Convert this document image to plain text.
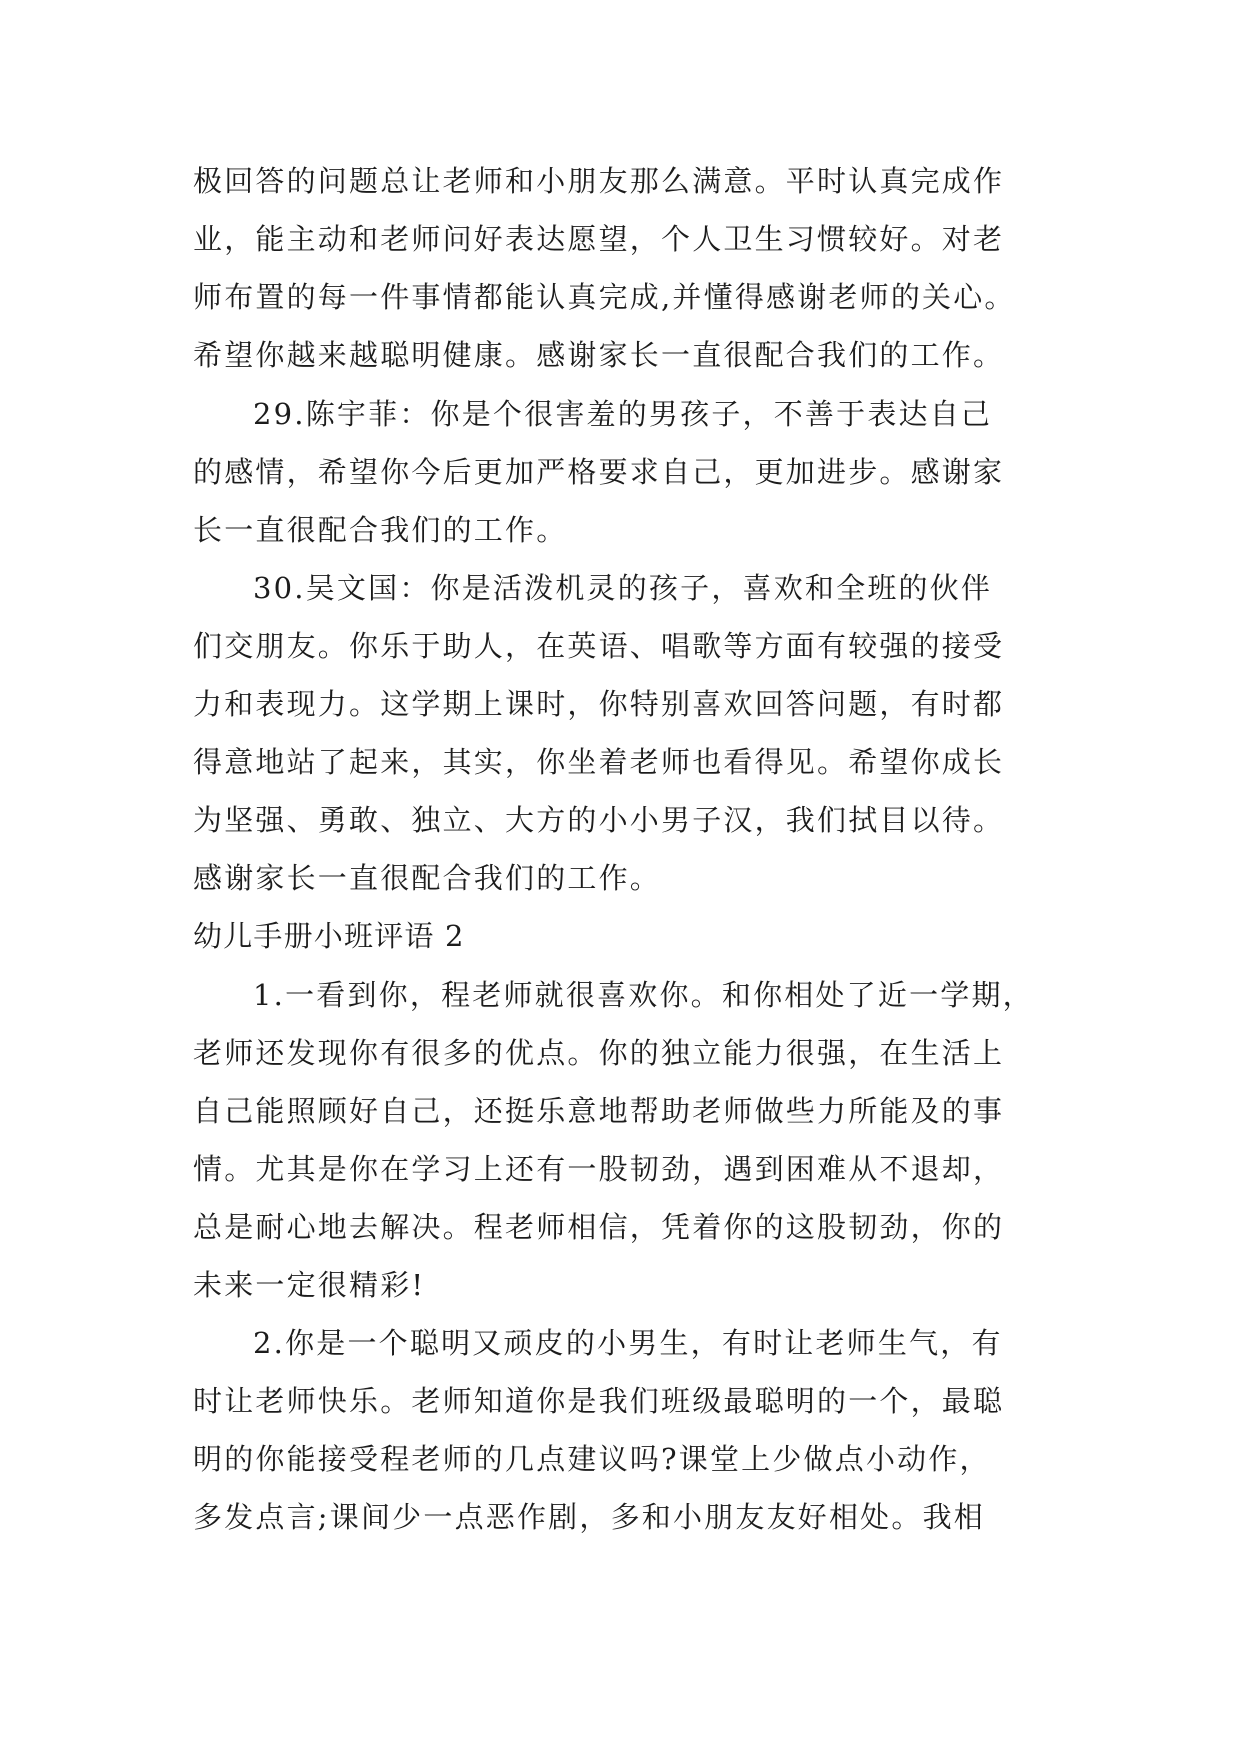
极回答的问题总让老师和小朋友那么满意。平时认真完成作
业，能主动和老师问好表达愿望，个人卫生习惯较好。对老
师布置的每一件事情都能认真完成,并懂得感谢老师的关心。
希望你越来越聪明健康。感谢家长一直很配合我们的工作。
29.陈宇菲：你是个很害羞的男孩子，不善于表达自己
的感情，希望你今后更加严格要求自己，更加进步。感谢家
长一直很配合我们的工作。
30.吴文国：你是活泼机灵的孩子，喜欢和全班的伙伴
们交朋友。你乐于助人，在英语、唱歌等方面有较强的接受
力和表现力。这学期上课时，你特别喜欢回答问题，有时都
得意地站了起来，其实，你坐着老师也看得见。希望你成长
为坚强、勇敢、独立、大方的小小男子汉，我们拭目以待。
感谢家长一直很配合我们的工作。
幼儿手册小班评语 2
1.一看到你，程老师就很喜欢你。和你相处了近一学期，
老师还发现你有很多的优点。你的独立能力很强，在生活上
自己能照顾好自己，还挺乐意地帮助老师做些力所能及的事
情。尤其是你在学习上还有一股韧劲，遇到困难从不退却，
总是耐心地去解决。程老师相信，凭着你的这股韧劲，你的
未来一定很精彩!
2.你是一个聪明又顽皮的小男生，有时让老师生气，有
时让老师快乐。老师知道你是我们班级最聪明的一个，最聪
明的你能接受程老师的几点建议吗?课堂上少做点小动作，
多发点言;课间少一点恶作剧，多和小朋友友好相处。我相
